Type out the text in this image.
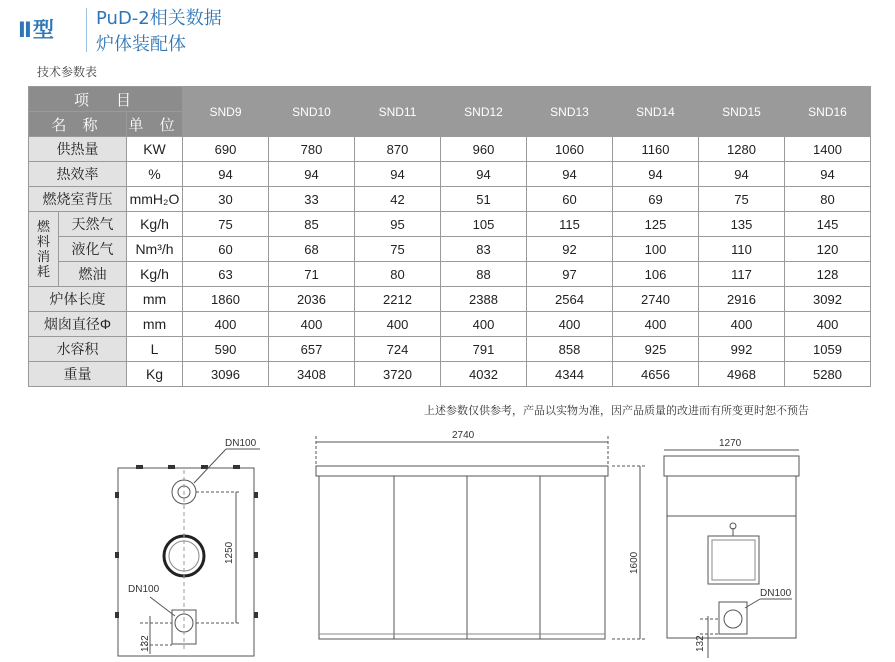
Ⅱ型 PuD-2相关数据
炉体装配体
技术参数表
项　目			SND9	SND10	SND11	SND12	SND13	SND14	SND15	SND16
名 称		单 位								
供热量		KW	690	780	870	960	1060	1160	1280	1400
热效率		%	94	94	94	94	94	94	94	94
燃烧室背压		mmH₂O	30	33	42	51	60	69	75	80

燃料消耗	天然气	Kg/h	75	85	95	105	115	125	135	145
	液化气	Nm³/h	60	68	75	83	92	100	110	120
	燃油	Kg/h	63	71	80	88	97	106	117	128
炉体长度		mm	1860	2036	2212	2388	2564	2740	2916	3092
烟囱直径Φ		mm	400	400	400	400	400	400	400	400
水容积		L	590	657	724	791	858	925	992	1059
重量		Kg	3096	3408	3720	4032	4344	4656	4968	5280
上述参数仅供参考，产品以实物为准，因产品质量的改进而有所变更时恕不预告
DN100
DN100
1250
132
2740
1270
1600
DN100
132
